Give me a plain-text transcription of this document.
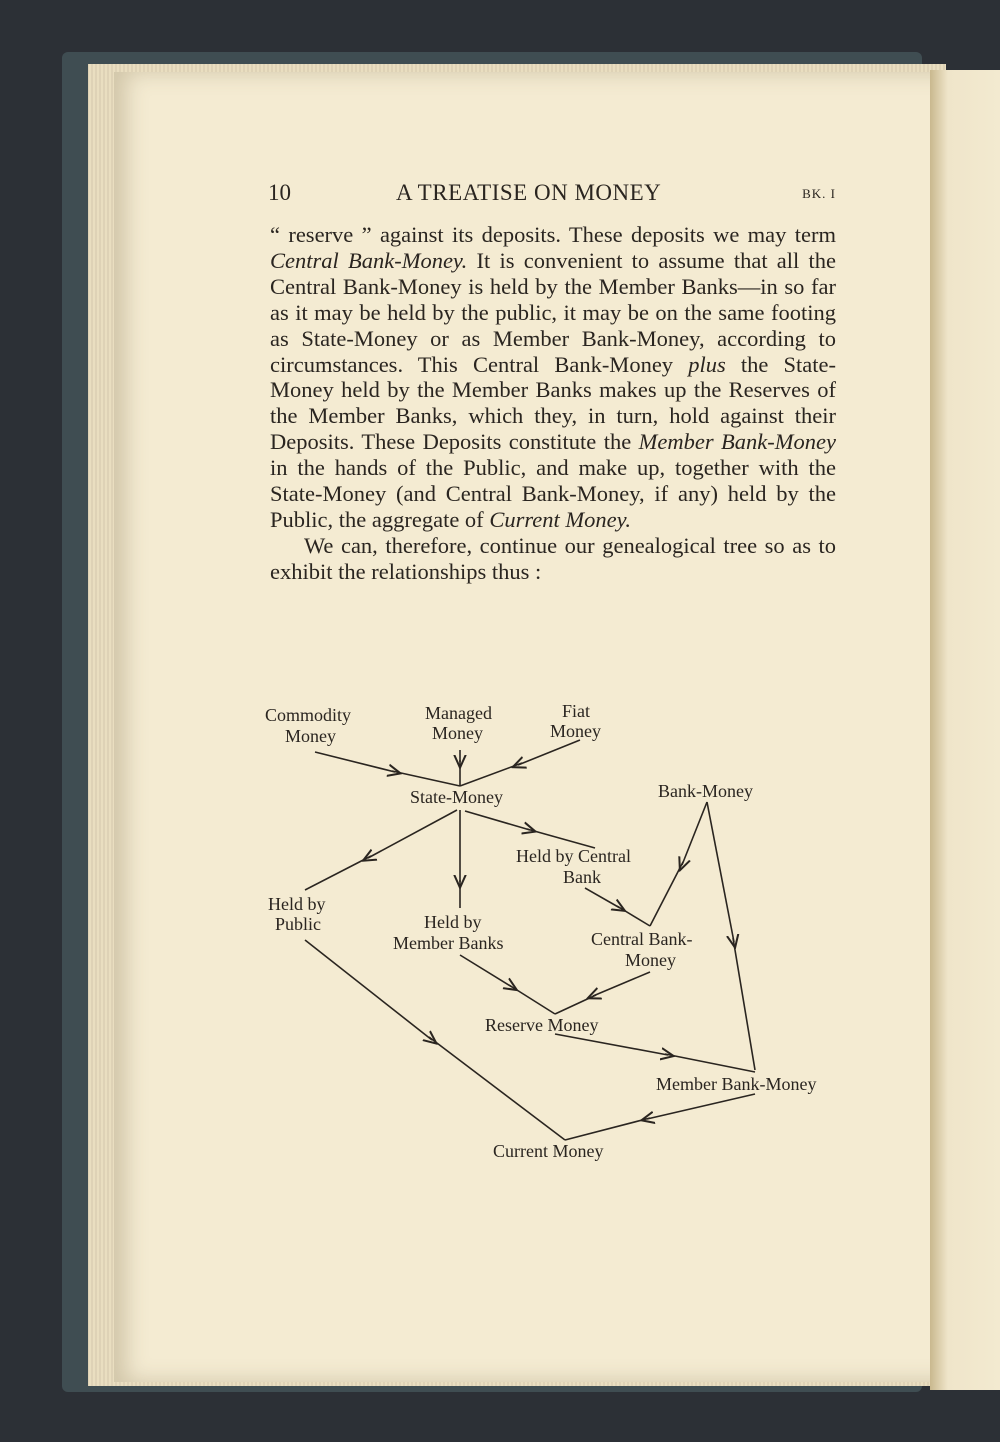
10	A TREATISE ON MONEY	BK. I

“ reserve ” against its deposits. These deposits we may term Central Bank-Money. It is convenient to assume that all the Central Bank-Money is held by the Member Banks—in so far as it may be held by the public, it may be on the same footing as State-Money or as Member Bank-Money, according to circumstances. This Central Bank-Money plus the State-Money held by the Member Banks makes up the Reserves of the Member Banks, which they, in turn, hold against their Deposits. These Deposits constitute the Member Bank-Money in the hands of the Public, and make up, together with the State-Money (and Central Bank-Money, if any) held by the Public, the aggregate of Current Money.

We can, therefore, continue our genealogical tree so as to exhibit the relationships thus :

Commodity
Money
Managed
Money
Fiat
Money
State-Money	Bank-Money
Held by Central
Bank
Held by
Public	Held by
Member Banks	Central Bank-
Money
Reserve Money
Member Bank-Money
Current Money
